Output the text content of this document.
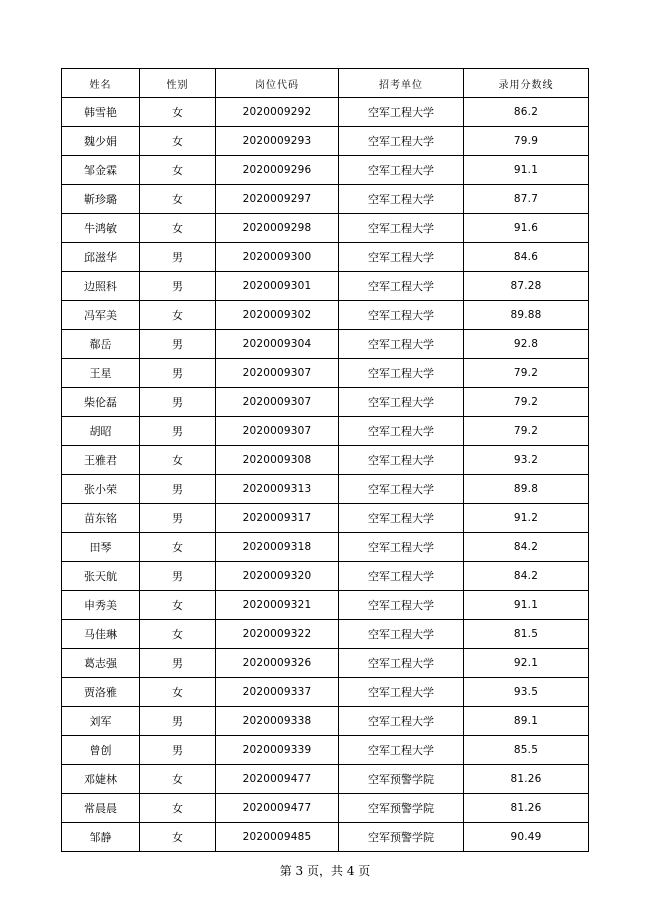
姓名	性别	岗位代码	招考单位	录用分数线
韩雪艳	女	2020009292	空军工程大学	86.2
魏少娟	女	2020009293	空军工程大学	79.9
邹金霖	女	2020009296	空军工程大学	91.1
靳珍璐	女	2020009297	空军工程大学	87.7
牛鸿敏	女	2020009298	空军工程大学	91.6
邱滋华	男	2020009300	空军工程大学	84.6
边照科	男	2020009301	空军工程大学	87.28
冯军美	女	2020009302	空军工程大学	89.88
郗岳	男	2020009304	空军工程大学	92.8
王星	男	2020009307	空军工程大学	79.2
柴伦磊	男	2020009307	空军工程大学	79.2
胡昭	男	2020009307	空军工程大学	79.2
王雅君	女	2020009308	空军工程大学	93.2
张小荣	男	2020009313	空军工程大学	89.8
苗东铭	男	2020009317	空军工程大学	91.2
田琴	女	2020009318	空军工程大学	84.2
张天航	男	2020009320	空军工程大学	84.2
申秀美	女	2020009321	空军工程大学	91.1
马佳琳	女	2020009322	空军工程大学	81.5
葛志强	男	2020009326	空军工程大学	92.1
贾洛雅	女	2020009337	空军工程大学	93.5
刘军	男	2020009338	空军工程大学	89.1
曾创	男	2020009339	空军工程大学	85.5
邓婕林	女	2020009477	空军预警学院	81.26
常晨晨	女	2020009477	空军预警学院	81.26
邹静	女	2020009485	空军预警学院	90.49
第 3 页，共 4 页
